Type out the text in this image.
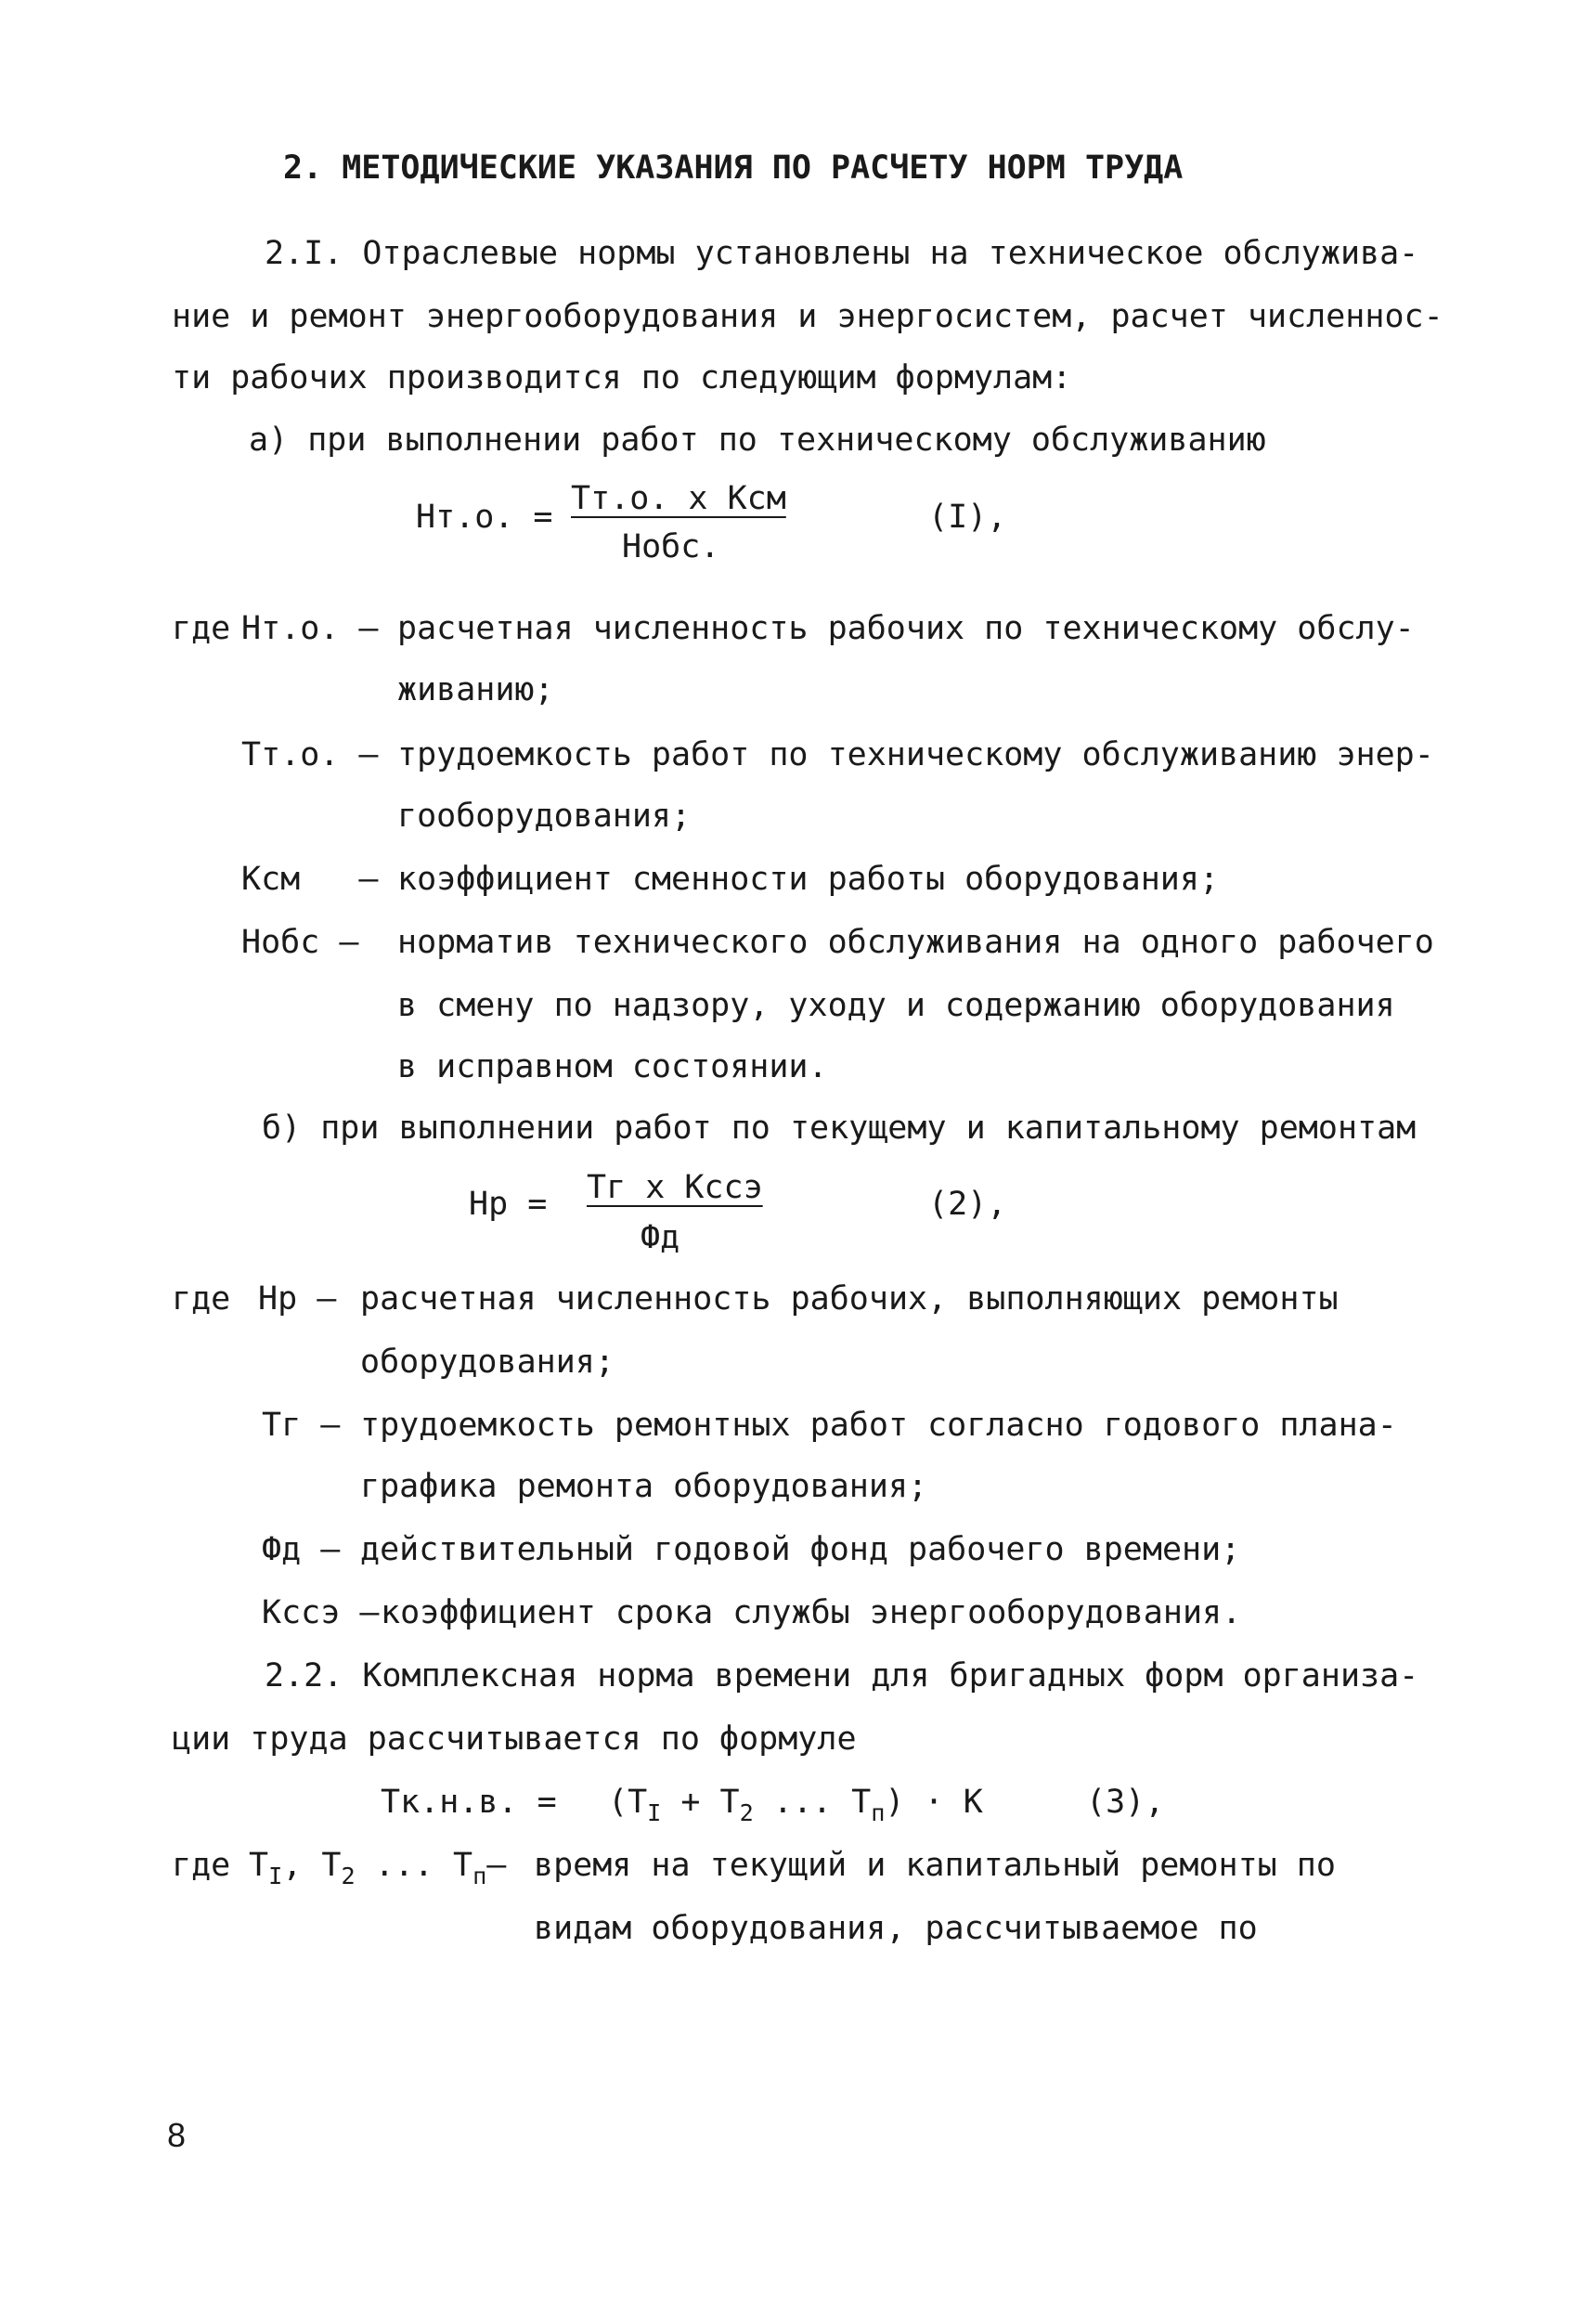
2. МЕТОДИЧЕСКИЕ УКАЗАНИЯ ПО РАСЧЕТУ НОРМ ТРУДА
2.I. Отраслевые нормы установлены на техническое обслужива-
ние и ремонт энергооборудования и энергосистем, расчет численнос-
ти рабочих производится по следующим формулам:
а) при выполнении работ по техническому обслуживанию
Нт.о. = Тт.о. х Ксм
Нобс.
(I),
где Нт.о. – расчетная численность рабочих по техническому обслу-
живанию;
Тт.о. – трудоемкость работ по техническому обслуживанию энер-
гооборудования;
Ксм   – коэффициент сменности работы оборудования;
Нобс – норматив технического обслуживания на одного рабочего
в смену по надзору, уходу и содержанию оборудования
в исправном состоянии.
б) при выполнении работ по текущему и капитальному ремонтам
Нр = Тг х Кссэ
Фд
(2),
где Нр – расчетная численность рабочих, выполняющих ремонты
оборудования;
Тг – трудоемкость ремонтных работ согласно годового плана-
графика ремонта оборудования;
Фд – действительный годовой фонд рабочего времени;
Кссэ – коэффициент срока службы энергооборудования.
2.2. Комплексная норма времени для бригадных форм организа-
ции труда рассчитывается по формуле
Тк.н.в. = ($Т_I + Т_2$ ... $Т_п) \cdot К$	(3),
где $Т_I$, $Т_2$ ... $Т_п-$ время на текущий и капитальный ремонты по
видам оборудования, рассчитываемое по
8
